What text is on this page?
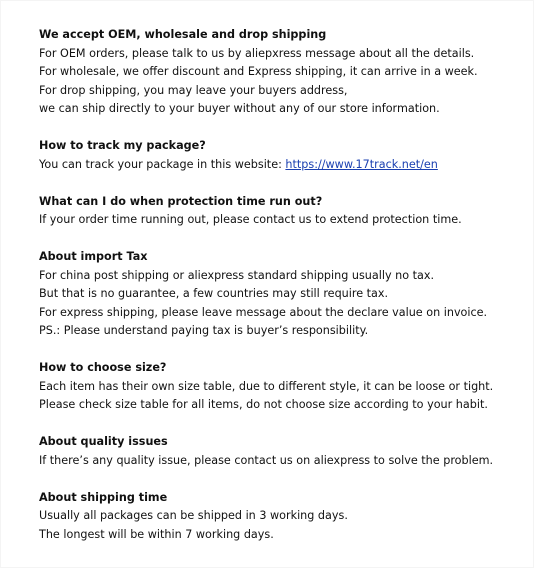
We accept OEM, wholesale and drop shipping
For OEM orders, please talk to us by aliepxress message about all the details.
For wholesale, we offer discount and Express shipping, it can arrive in a week.
For drop shipping, you may leave your buyers address,
we can ship directly to your buyer without any of our store information.
How to track my package?
You can track your package in this website: https://www.17track.net/en
What can I do when protection time run out?
If your order time running out, please contact us to extend protection time.
About import Tax
For china post shipping or aliexpress standard shipping usually no tax.
But that is no guarantee, a few countries may still require tax.
For express shipping, please leave message about the declare value on invoice.
PS.: Please understand paying tax is buyer’s responsibility.
How to choose size?
Each item has their own size table, due to different style, it can be loose or tight.
Please check size table for all items, do not choose size according to your habit.
About quality issues
If there’s any quality issue, please contact us on aliexpress to solve the problem.
About shipping time
Usually all packages can be shipped in 3 working days.
The longest will be within 7 working days.
